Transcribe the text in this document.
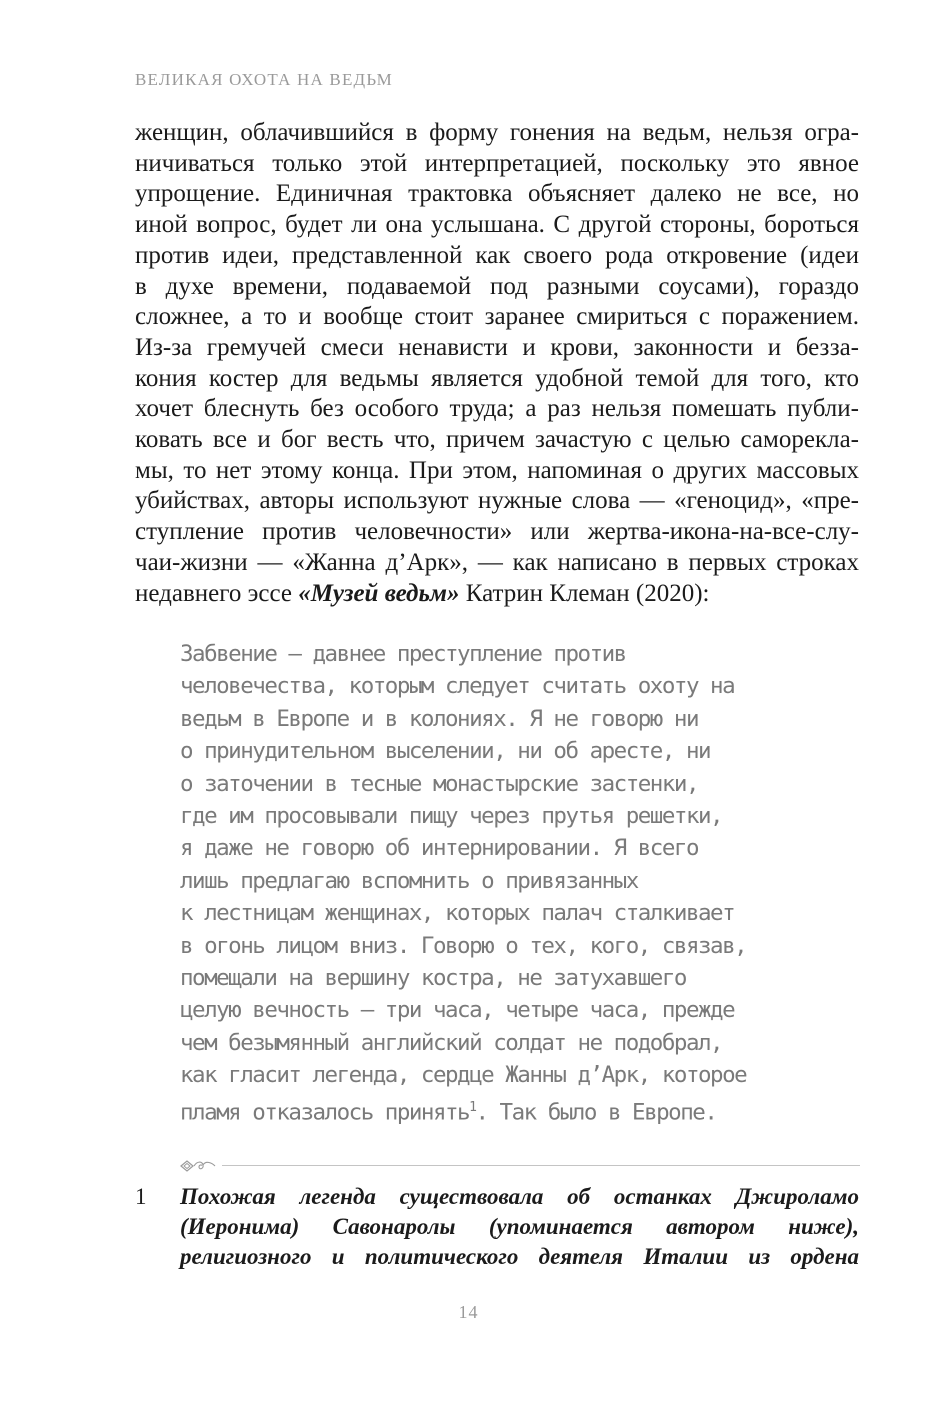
ВЕЛИКАЯ ОХОТА НА ВЕДЬМ
женщин, облачившийся в форму гонения на ведьм, нельзя огра-
ничиваться только этой интерпретацией, поскольку это явное
упрощение. Единичная трактовка объясняет далеко не все, но
иной вопрос, будет ли она услышана. С другой стороны, бороться
против идеи, представленной как своего рода откровение (идеи
в духе времени, подаваемой под разными соусами), гораздо
сложнее, а то и вообще стоит заранее смириться с поражением.
Из-за гремучей смеси ненависти и крови, законности и безза-
кония костер для ведьмы является удобной темой для того, кто
хочет блеснуть без особого труда; а раз нельзя помешать публи-
ковать все и бог весть что, причем зачастую с целью саморекла-
мы, то нет этому конца. При этом, напоминая о других массовых
убийствах, авторы используют нужные слова — «геноцид», «пре-
ступление против человечности» или жертва-икона-на-все-слу-
чаи-жизни — «Жанна д’Арк», — как написано в первых строках
недавнего эссе «Музей ведьм» Катрин Клеман (2020):
Забвение — давнее преступление против
человечества, которым следует считать охоту на
ведьм в Европе и в колониях. Я не говорю ни
о принудительном выселении, ни об аресте, ни
о заточении в тесные монастырские застенки,
где им просовывали пищу через прутья решетки,
я даже не говорю об интернировании. Я всего
лишь предлагаю вспомнить о привязанных
к лестницам женщинах, которых палач сталкивает
в огонь лицом вниз. Говорю о тех, кого, связав,
помещали на вершину костра, не затухавшего
целую вечность — три часа, четыре часа, прежде
чем безымянный английский солдат не подобрал,
как гласит легенда, сердце Жанны д’Арк, которое
пламя отказалось принять$^1$. Так было в Европе.
1 Похожая легенда существовала об останках Джироламо
(Иеронима) Савонаролы (упоминается автором ниже),
религиозного и политического деятеля Италии из ордена
14
